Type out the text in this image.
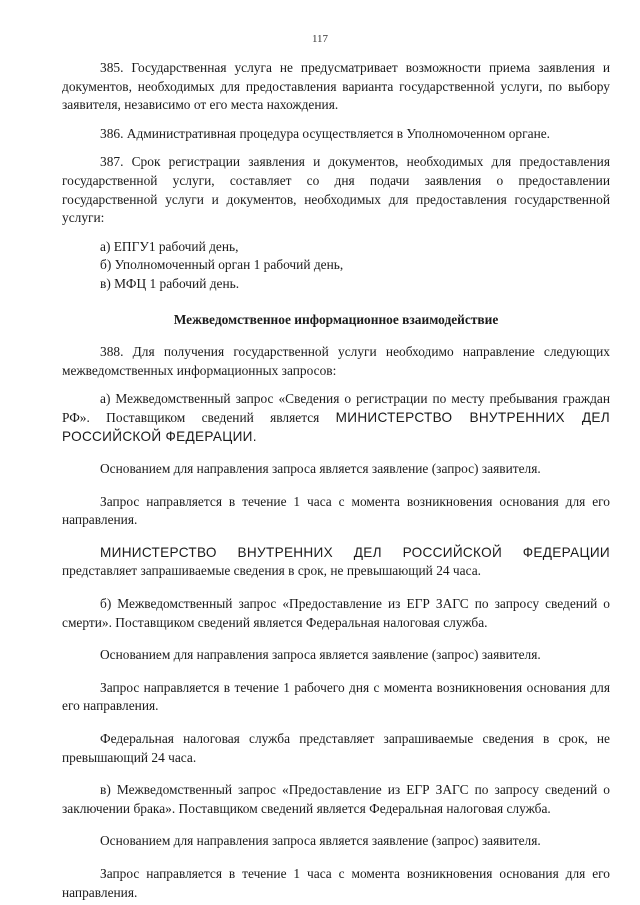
117

385. Государственная услуга не предусматривает возможности приема заявления и документов, необходимых для предоставления варианта государственной услуги, по выбору заявителя, независимо от его места нахождения.

386. Административная процедура осуществляется в Уполномоченном органе.

387. Срок регистрации заявления и документов, необходимых для предоставления государственной услуги, составляет со дня подачи заявления о предоставлении государственной услуги и документов, необходимых для предоставления государственной услуги:

а) ЕПГУ1 рабочий день,

б) Уполномоченный орган 1 рабочий день,

в) МФЦ 1 рабочий день.

Межведомственное информационное взаимодействие

388. Для получения государственной услуги необходимо направление следующих межведомственных информационных запросов:

а) Межведомственный запрос «Сведения о регистрации по месту пребывания граждан РФ». Поставщиком сведений является МИНИСТЕРСТВО ВНУТРЕННИХ ДЕЛ РОССИЙСКОЙ ФЕДЕРАЦИИ.

Основанием для направления запроса является заявление (запрос) заявителя.

Запрос направляется в течение 1 часа с момента возникновения основания для его направления.

МИНИСТЕРСТВО ВНУТРЕННИХ ДЕЛ РОССИЙСКОЙ ФЕДЕРАЦИИ представляет запрашиваемые сведения в срок, не превышающий 24 часа.

б) Межведомственный запрос «Предоставление из ЕГР ЗАГС по запросу сведений о смерти». Поставщиком сведений является Федеральная налоговая служба.

Основанием для направления запроса является заявление (запрос) заявителя.

Запрос направляется в течение 1 рабочего дня с момента возникновения основания для его направления.

Федеральная налоговая служба представляет запрашиваемые сведения в срок, не превышающий 24 часа.

в) Межведомственный запрос «Предоставление из ЕГР ЗАГС по запросу сведений о заключении брака». Поставщиком сведений является Федеральная налоговая служба.

Основанием для направления запроса является заявление (запрос) заявителя.

Запрос направляется в течение 1 часа с момента возникновения основания для его направления.
